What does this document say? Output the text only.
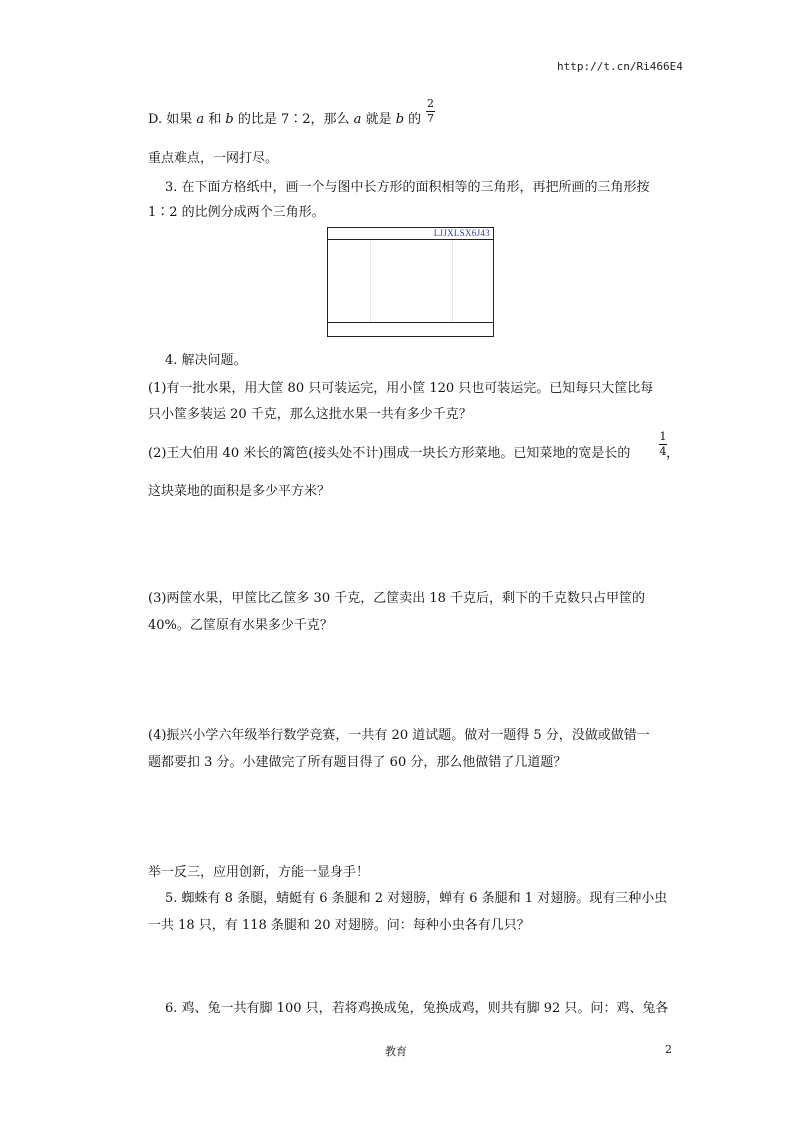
http://t.cn/Ri466E4
D. 如果 a 和 b 的比是 7∶2，那么 a 就是 b 的
2
7
重点难点，一网打尽。
3. 在下面方格纸中，画一个与图中长方形的面积相等的三角形，再把所画的三角形按
1∶2 的比例分成两个三角形。
LJJXLSX6J43
4. 解决问题。
(1)有一批水果，用大筐 80 只可装运完，用小筐 120 只也可装运完。已知每只大筐比每
只小筐多装运 20 千克，那么这批水果一共有多少千克？
(2)王大伯用 40 米长的篱笆(接头处不计)围成一块长方形菜地。已知菜地的宽是长的
1
4 ，
这块菜地的面积是多少平方米？
(3)两筐水果，甲筐比乙筐多 30 千克，乙筐卖出 18 千克后，剩下的千克数只占甲筐的
40%。乙筐原有水果多少千克？
(4)振兴小学六年级举行数学竞赛，一共有 20 道试题。做对一题得 5 分，没做或做错一
题都要扣 3 分。小建做完了所有题目得了 60 分，那么他做错了几道题？
举一反三，应用创新，方能一显身手！
5. 蜘蛛有 8 条腿，蜻蜓有 6 条腿和 2 对翅膀，蝉有 6 条腿和 1 对翅膀。现有三种小虫
一共 18 只，有 118 条腿和 20 对翅膀。问：每种小虫各有几只？
6. 鸡、兔一共有脚 100 只，若将鸡换成兔，兔换成鸡，则共有脚 92 只。问：鸡、兔各
教育	2
